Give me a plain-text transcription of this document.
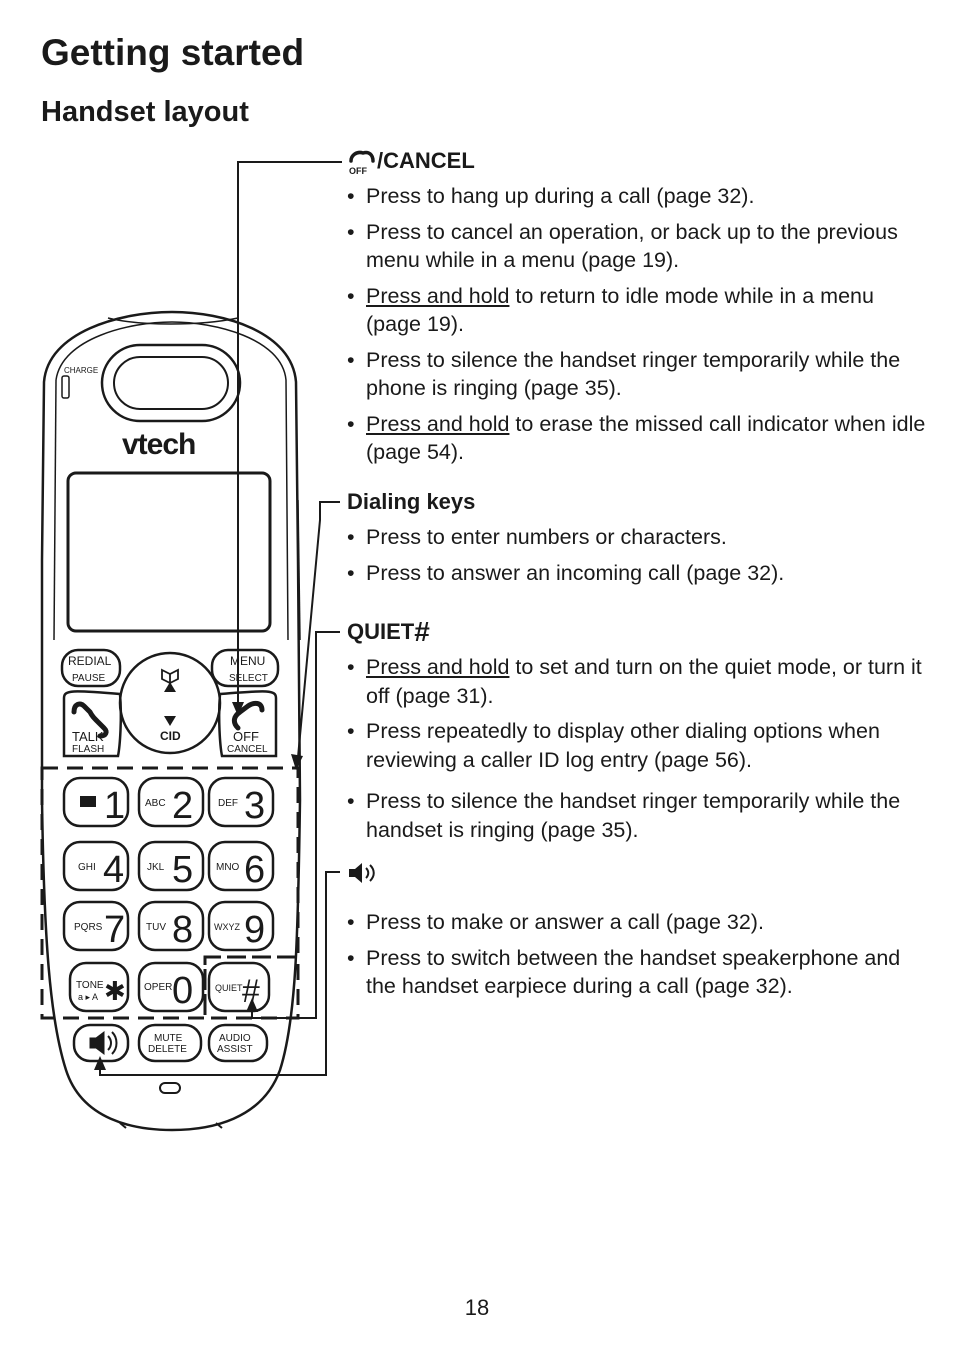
Getting started
Handset layout
CHARGE
vtech
REDIAL
PAUSE
MENU
SELECT
TALK
FLASH
OFF
CANCEL
CID
1 ABC 2 DEF 3
GHI 4 JKL 5 MNO 6
PQRS 7 TUV 8 WXYZ 9
TONE
a ▸ A ✱ OPER 0 QUIET #
MUTE
DELETE
AUDIO
ASSIST
OFF /CANCEL
• Press to hang up during a call (page 32).
• Press to cancel an operation, or back up to the previous menu while in a menu (page 19).
• Press and hold to return to idle mode while in a menu (page 19).
• Press to silence the handset ringer temporarily while the phone is ringing (page 35).
• Press and hold to erase the missed call indicator when idle (page 54).
Dialing keys
• Press to enter numbers or characters.
• Press to answer an incoming call (page 32).
QUIET #
• Press and hold to set and turn on the quiet mode, or turn it off (page 31).
• Press repeatedly to display other dialing options when reviewing a caller ID log entry (page 56).
• Press to silence the handset ringer temporarily while the handset is ringing (page 35).
• Press to make or answer a call (page 32).
• Press to switch between the handset speakerphone and the handset earpiece during a call (page 32).
18
